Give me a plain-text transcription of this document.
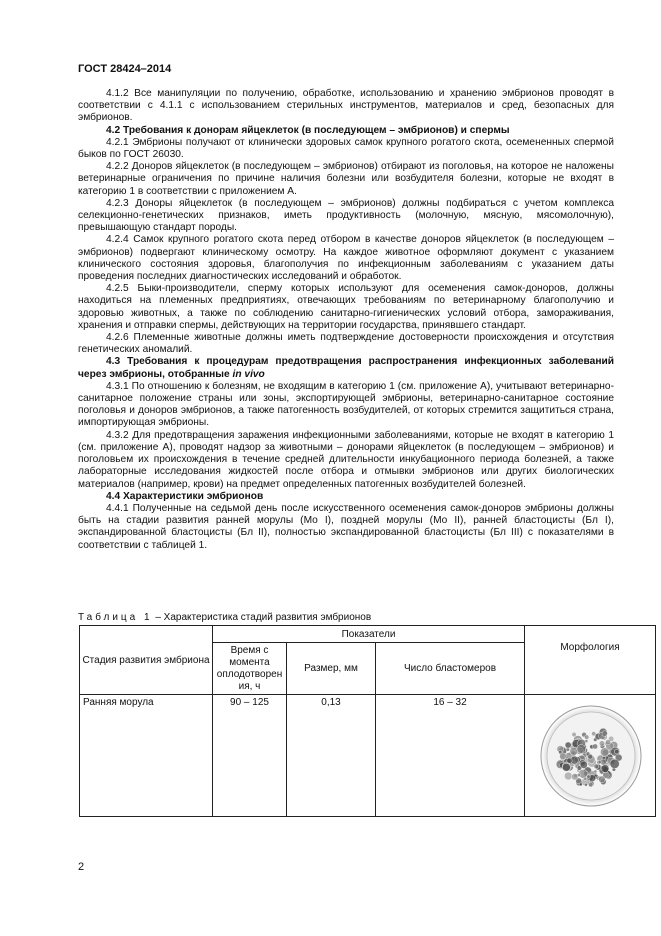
ГОСТ 28424–2014

4.1.2 Все манипуляции по получению, обработке, использованию и хранению эмбрионов проводят в соответствии с 4.1.1 с использованием стерильных инструментов, материалов и сред, безопасных для эмбрионов.

4.2 Требования к донорам яйцеклеток (в последующем – эмбрионов) и спермы

4.2.1 Эмбрионы получают от клинически здоровых самок крупного рогатого скота, осемененных спермой быков по ГОСТ 26030.

4.2.2 Доноров яйцеклеток (в последующем – эмбрионов) отбирают из поголовья, на которое не наложены ветеринарные ограничения по причине наличия болезни или возбудителя болезни, которые не входят в категорию 1 в соответствии с приложением А.

4.2.3 Доноры яйцеклеток (в последующем – эмбрионов) должны подбираться с учетом комплекса селекционно-генетических признаков, иметь продуктивность (молочную, мясную, мясомолочную), превышающую стандарт породы.

4.2.4 Самок крупного рогатого скота перед отбором в качестве доноров яйцеклеток (в последующем – эмбрионов) подвергают клиническому осмотру. На каждое животное оформляют документ с указанием клинического состояния здоровья, благополучия по инфекционным заболеваниям с указанием даты проведения последних диагностических исследований и обработок.

4.2.5 Быки-производители, сперму которых используют для осеменения самок-доноров, должны находиться на племенных предприятиях, отвечающих требованиям по ветеринарному благополучию и здоровью животных, а также по соблюдению санитарно-гигиенических условий отбора, замораживания, хранения и отправки спермы, действующих на территории государства, принявшего стандарт.

4.2.6 Племенные животные должны иметь подтверждение достоверности происхождения и отсутствия генетических аномалий.

4.3 Требования к процедурам предотвращения распространения инфекционных заболеваний через эмбрионы, отобранные in vivo

4.3.1 По отношению к болезням, не входящим в категорию 1 (см. приложение А), учитывают ветеринарно-санитарное положение страны или зоны, экспортирующей эмбрионы, ветеринарно-санитарное состояние поголовья и доноров эмбрионов, а также патогенность возбудителей, от которых стремится защититься страна, импортирующая эмбрионы.

4.3.2 Для предотвращения заражения инфекционными заболеваниями, которые не входят в категорию 1 (см. приложение А), проводят надзор за животными – донорами яйцеклеток (в последующем – эмбрионов) и поголовьем их происхождения в течение средней длительности инкубационного периода болезней, а также лабораторные исследования жидкостей после отбора и отмывки эмбрионов или других биологических материалов (например, крови) на предмет определенных патогенных возбудителей болезней.

4.4 Характеристики эмбрионов

4.4.1 Полученные на седьмой день после искусственного осеменения самок-доноров эмбрионы должны быть на стадии развития ранней морулы (Мо I), поздней морулы (Мо II), ранней бластоцисты (Бл I), экспандированной бластоцисты (Бл II), полностью экспандированной бластоцисты (Бл III) с показателями в соответствии с таблицей 1.

Таблица 1 – Характеристика стадий развития эмбрионов
Стадия развития эмбриона	Показатели			Морфология
	Время с момента оплодотворен ия, ч	Размер, мм	Число бластомеров	
Ранняя морула	90 – 125	0,13	16 – 32	
2
